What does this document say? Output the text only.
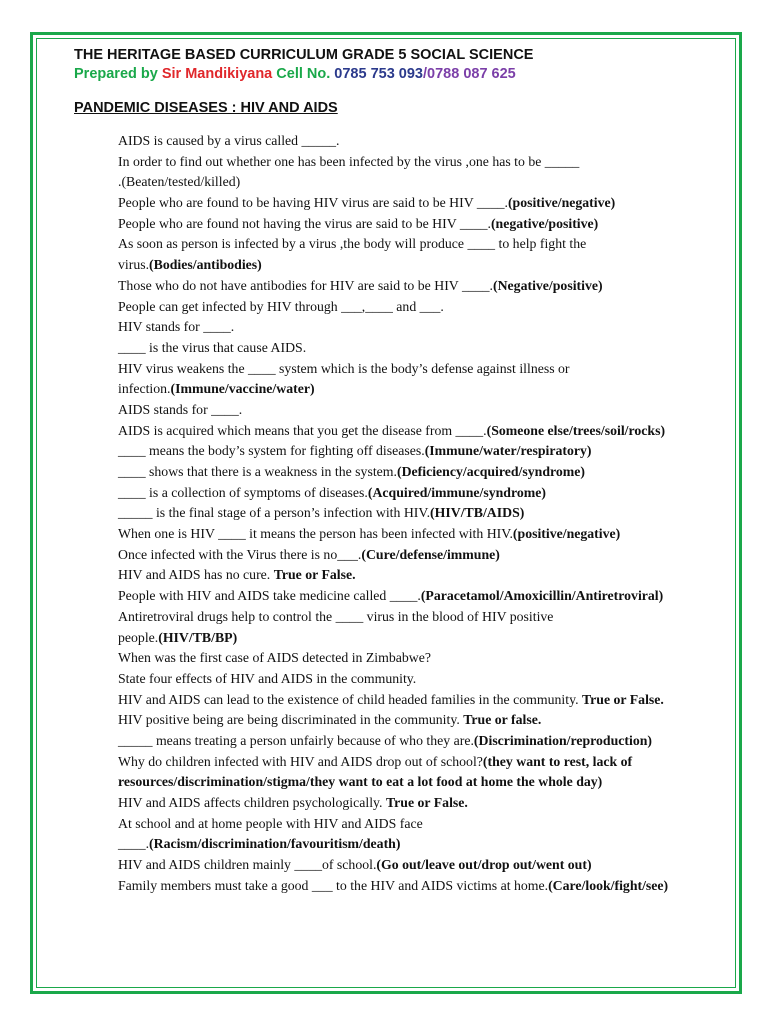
THE HERITAGE BASED CURRICULUM GRADE 5 SOCIAL SCIENCE
Prepared by Sir Mandikiyana Cell No. 0785 753 093/0788 087 625
PANDEMIC DISEASES : HIV AND AIDS
AIDS is caused by a virus called _____.
In order to find out whether one has been infected by the virus ,one has to be _____
.(Beaten/tested/killed)
People who are found to be having HIV virus are said to be HIV ____.(positive/negative)
People who are found not having the virus are said to be HIV ____.(negative/positive)
As soon as person is infected by a virus ,the body will produce ____ to help fight the
virus.(Bodies/antibodies)
Those who do not have antibodies for HIV are said to be HIV ____.(Negative/positive)
People can get infected by HIV through ___,____ and ___.
HIV stands for ____.
____ is the virus that cause AIDS.
HIV virus weakens the ____ system which is the body’s defense against illness or
infection.(Immune/vaccine/water)
AIDS stands for ____.
AIDS is acquired which means that you get the disease from ____.(Someone else/trees/soil/rocks)
____ means the body’s system for fighting off diseases.(Immune/water/respiratory)
____ shows that there is a weakness in the system.(Deficiency/acquired/syndrome)
____ is a collection of symptoms of diseases.(Acquired/immune/syndrome)
_____ is the final stage of a person’s infection with HIV.(HIV/TB/AIDS)
When one is HIV ____ it means the person has been infected with HIV.(positive/negative)
Once infected with the Virus there is no___.(Cure/defense/immune)
HIV and AIDS has no cure. True or False.
People with HIV and AIDS take medicine called ____.(Paracetamol/Amoxicillin/Antiretroviral)
Antiretroviral drugs help to control the ____ virus in the blood of HIV positive
people.(HIV/TB/BP)
When was the first case of AIDS detected in Zimbabwe?
State four effects of HIV and AIDS in the community.
HIV and AIDS can lead to the existence of child headed families in the community. True or False.
HIV positive being are being discriminated in the community. True or false.
_____ means treating a person unfairly because of who they are.(Discrimination/reproduction)
Why do children infected with HIV and AIDS drop out of school?(they want to rest, lack of
resources/discrimination/stigma/they want to eat a lot food at home the whole day)
HIV and AIDS affects children psychologically. True or False.
At school and at home people with HIV and AIDS face
____.(Racism/discrimination/favouritism/death)
HIV and AIDS children mainly ____of school.(Go out/leave out/drop out/went out)
Family members must take a good ___ to the HIV and AIDS victims at home.(Care/look/fight/see)
